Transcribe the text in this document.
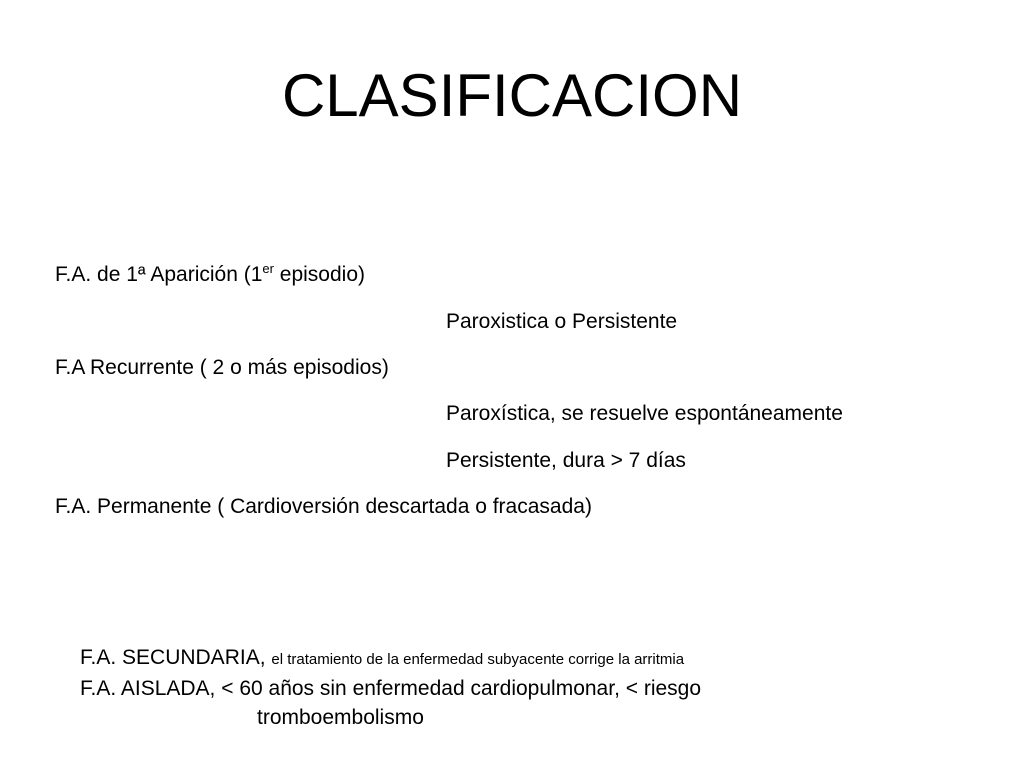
CLASIFICACION
F.A. de 1ª Aparición (1er episodio)
Paroxistica o Persistente
F.A Recurrente ( 2 o más episodios)
Paroxística, se resuelve espontáneamente
Persistente, dura > 7 días
F.A. Permanente ( Cardioversión descartada o fracasada)
F.A. SECUNDARIA, el tratamiento de la enfermedad subyacente corrige la arritmia
F.A. AISLADA, < 60 años sin enfermedad cardiopulmonar, < riesgo
tromboembolismo
